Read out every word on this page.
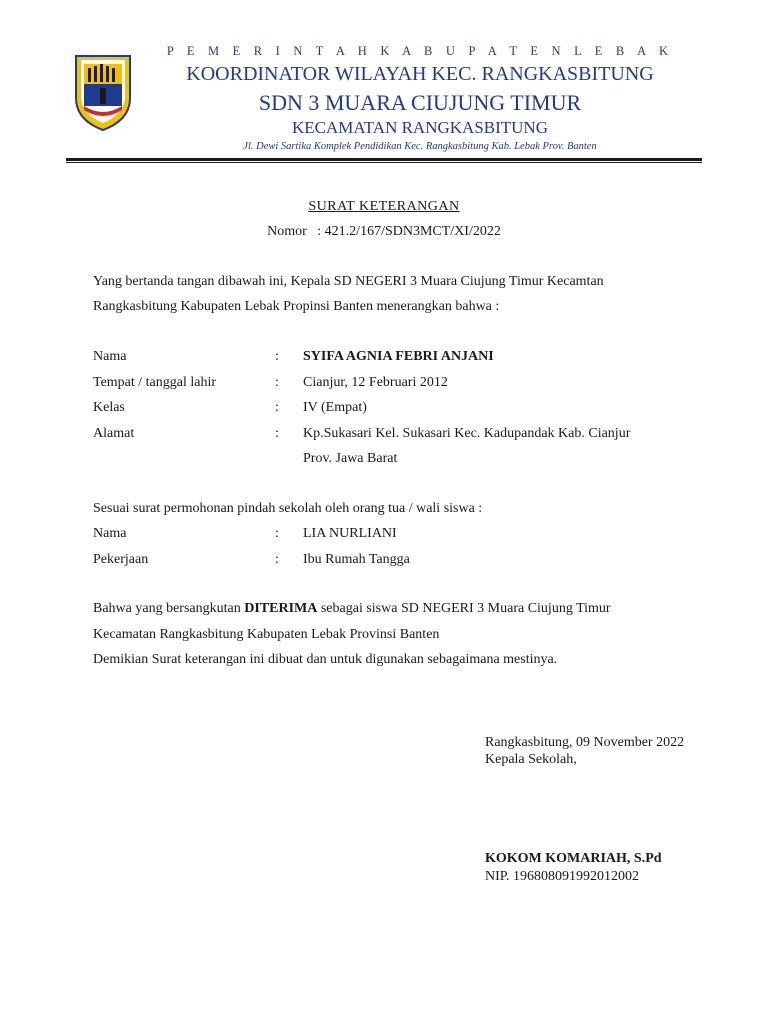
P E M E R I N T A H K A B U P A T E N L E B A K
KOORDINATOR WILAYAH KEC. RANGKASBITUNG
SDN 3 MUARA CIUJUNG TIMUR
KECAMATAN RANGKASBITUNG
Jl. Dewi Sartika Komplek Pendidikan Kec. Rangkasbitung Kab. Lebak Prov. Banten
SURAT KETERANGAN
Nomor : 421.2/167/SDN3MCT/XI/2022
Yang bertanda tangan dibawah ini, Kepala SD NEGERI 3 Muara Ciujung Timur Kecamtan
Rangkasbitung Kabupaten Lebak Propinsi Banten menerangkan bahwa :
Nama	: SYIFA AGNIA FEBRI ANJANI
Tempat / tanggal lahir	: Cianjur, 12 Februari 2012
Kelas	: IV (Empat)
Alamat	: Kp.Sukasari Kel. Sukasari Kec. Kadupandak Kab. Cianjur
Prov. Jawa Barat
Sesuai surat permohonan pindah sekolah oleh orang tua / wali siswa :
Nama	: LIA NURLIANI
Pekerjaan	: Ibu Rumah Tangga
Bahwa yang bersangkutan DITERIMA sebagai siswa SD NEGERI 3 Muara Ciujung Timur
Kecamatan Rangkasbitung Kabupaten Lebak Provinsi Banten
Demikian Surat keterangan ini dibuat dan untuk digunakan sebagaimana mestinya.
Rangkasbitung, 09 November 2022
Kepala Sekolah,
KOKOM KOMARIAH, S.Pd
NIP. 196808091992012002
